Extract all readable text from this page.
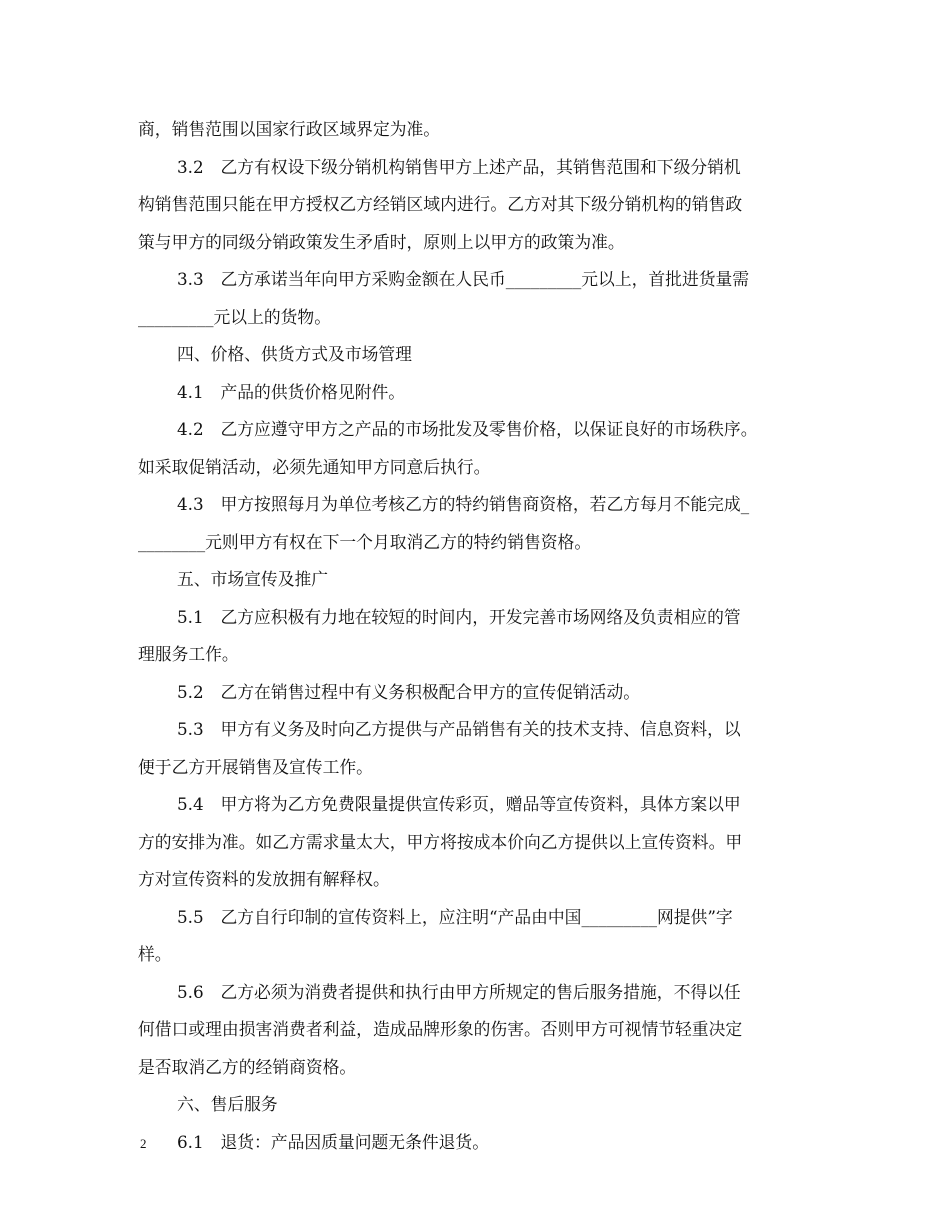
商，销售范围以国家行政区域界定为准。
3.2　乙方有权设下级分销机构销售甲方上述产品，其销售范围和下级分销机
构销售范围只能在甲方授权乙方经销区域内进行。乙方对其下级分销机构的销售政
策与甲方的同级分销政策发生矛盾时，原则上以甲方的政策为准。
3.3　乙方承诺当年向甲方采购金额在人民币_________元以上，首批进货量需
_________元以上的货物。
四、价格、供货方式及市场管理
4.1　产品的供货价格见附件。
4.2　乙方应遵守甲方之产品的市场批发及零售价格，以保证良好的市场秩序。
如采取促销活动，必须先通知甲方同意后执行。
4.3　甲方按照每月为单位考核乙方的特约销售商资格，若乙方每月不能完成_
________元则甲方有权在下一个月取消乙方的特约销售资格。
五、市场宣传及推广
5.1　乙方应积极有力地在较短的时间内，开发完善市场网络及负责相应的管
理服务工作。
5.2　乙方在销售过程中有义务积极配合甲方的宣传促销活动。
5.3　甲方有义务及时向乙方提供与产品销售有关的技术支持、信息资料，以
便于乙方开展销售及宣传工作。
5.4　甲方将为乙方免费限量提供宣传彩页，赠品等宣传资料，具体方案以甲
方的安排为准。如乙方需求量太大，甲方将按成本价向乙方提供以上宣传资料。甲
方对宣传资料的发放拥有解释权。
5.5　乙方自行印制的宣传资料上，应注明“产品由中国_________网提供”字
样。
5.6　乙方必须为消费者提供和执行由甲方所规定的售后服务措施，不得以任
何借口或理由损害消费者利益，造成品牌形象的伤害。否则甲方可视情节轻重决定
是否取消乙方的经销商资格。
六、售后服务
6.1　退货：产品因质量问题无条件退货。
2
